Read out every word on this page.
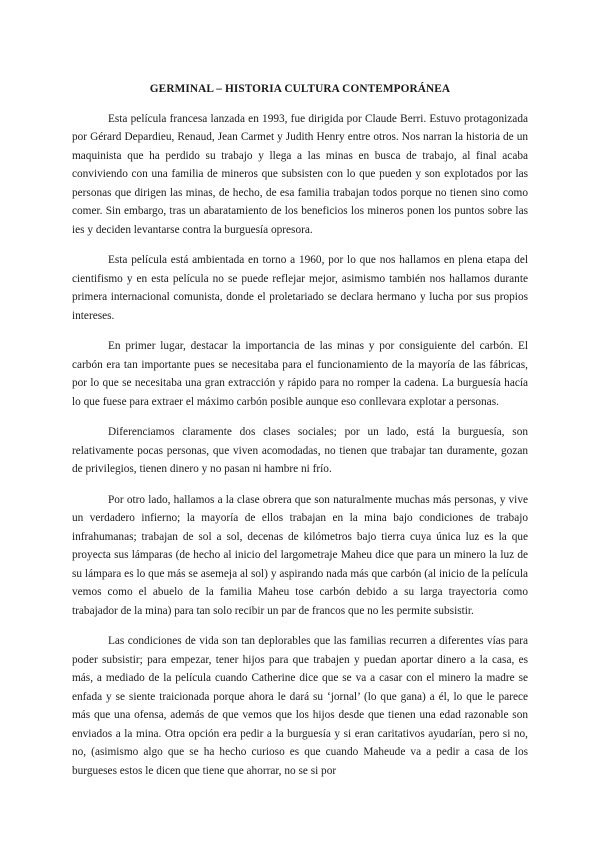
GERMINAL – HISTORIA CULTURA CONTEMPORÁNEA

Esta película francesa lanzada en 1993, fue dirigida por Claude Berri. Estuvo protagonizada por Gérard Depardieu, Renaud, Jean Carmet y Judith Henry entre otros. Nos narran la historia de un maquinista que ha perdido su trabajo y llega a las minas en busca de trabajo, al final acaba conviviendo con una familia de mineros que subsisten con lo que pueden y son explotados por las personas que dirigen las minas, de hecho, de esa familia trabajan todos porque no tienen sino como comer. Sin embargo, tras un abaratamiento de los beneficios los mineros ponen los puntos sobre las ies y deciden levantarse contra la burguesía opresora.

Esta película está ambientada en torno a 1960, por lo que nos hallamos en plena etapa del cientifismo y en esta película no se puede reflejar mejor, asimismo también nos hallamos durante primera internacional comunista, donde el proletariado se declara hermano y lucha por sus propios intereses.

En primer lugar, destacar la importancia de las minas y por consiguiente del carbón. El carbón era tan importante pues se necesitaba para el funcionamiento de la mayoría de las fábricas, por lo que se necesitaba una gran extracción y rápido para no romper la cadena. La burguesía hacía lo que fuese para extraer el máximo carbón posible aunque eso conllevara explotar a personas.

Diferenciamos claramente dos clases sociales; por un lado, está la burguesía, son relativamente pocas personas, que viven acomodadas, no tienen que trabajar tan duramente, gozan de privilegios, tienen dinero y no pasan ni hambre ni frío.

Por otro lado, hallamos a la clase obrera que son naturalmente muchas más personas, y vive un verdadero infierno; la mayoría de ellos trabajan en la mina bajo condiciones de trabajo infrahumanas; trabajan de sol a sol, decenas de kilómetros bajo tierra cuya única luz es la que proyecta sus lámparas (de hecho al inicio del largometraje Maheu dice que para un minero la luz de su lámpara es lo que más se asemeja al sol) y aspirando nada más que carbón (al inicio de la película vemos como el abuelo de la familia Maheu tose carbón debido a su larga trayectoria como trabajador de la mina) para tan solo recibir un par de francos que no les permite subsistir.

Las condiciones de vida son tan deplorables que las familias recurren a diferentes vías para poder subsistir; para empezar, tener hijos para que trabajen y puedan aportar dinero a la casa, es más, a mediado de la película cuando Catherine dice que se va a casar con el minero la madre se enfada y se siente traicionada porque ahora le dará su ‘jornal’ (lo que gana) a él, lo que le parece más que una ofensa, además de que vemos que los hijos desde que tienen una edad razonable son enviados a la mina. Otra opción era pedir a la burguesía y si eran caritativos ayudarían, pero si no, no, (asimismo algo que se ha hecho curioso es que cuando Maheude va a pedir a casa de los burgueses estos le dicen que tiene que ahorrar, no se si por
